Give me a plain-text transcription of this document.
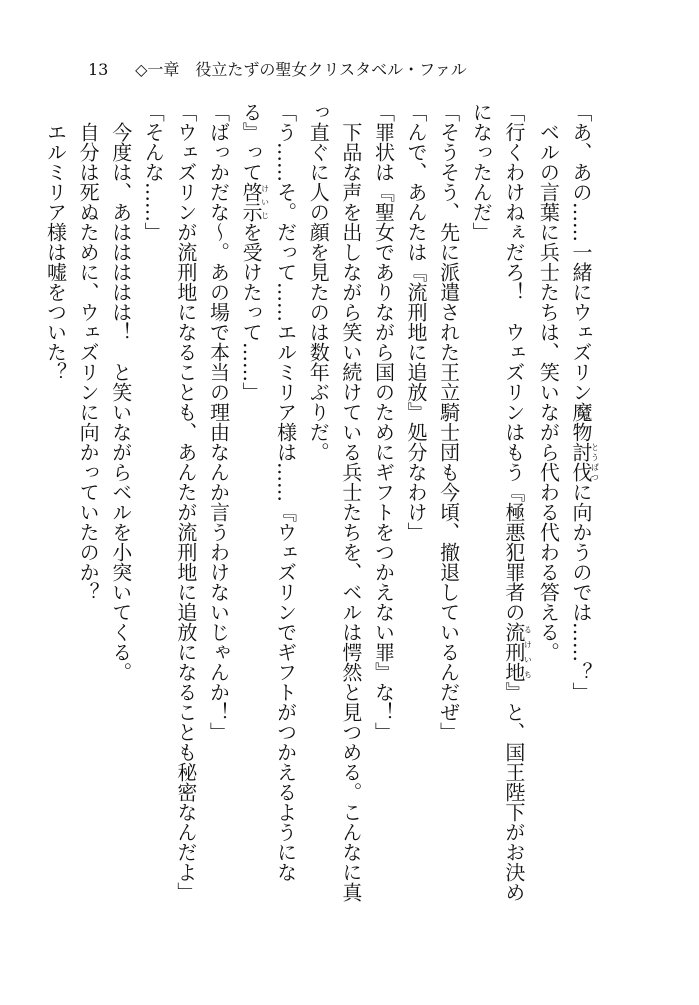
13 ◇一章　役立たずの聖女クリスタベル・ファル
「あ、あの……一緒にウェズリン魔物討伐とうばつに向かうのでは……？」
　ベルの言葉に兵士たちは、笑いながら代わる代わる答える。
「行くわけねぇだろ！　ウェズリンはもう『極悪犯罪者の流刑地るけいち』と、国王陛下がお決め
になったんだ」
「そうそう、先に派遣された王立騎士団も今頃、撤退しているんだぜ」
「んで、あんたは『流刑地に追放』処分なわけ」
「罪状は『聖女でありながら国のためにギフトをつかえない罪』な！」
　下品な声を出しながら笑い続けている兵士たちを、ベルは愕然と見つめる。こんなに真
っ直ぐに人の顔を見たのは数年ぶりだ。
「う……そ。だって……エルミリア様は……『ウェズリンでギフトがつかえるようにな
る』って啓示けいじを受けたって……」
「ばっかだな〜。あの場で本当の理由なんか言うわけないじゃんか！」
「ウェズリンが流刑地になることも、あんたが流刑地に追放になることも秘密なんだよ」
「そんな……」
　今度は、あははははは！　と笑いながらベルを小突いてくる。
　自分は死ぬために、ウェズリンに向かっていたのか？
　エルミリア様は嘘をついた？
